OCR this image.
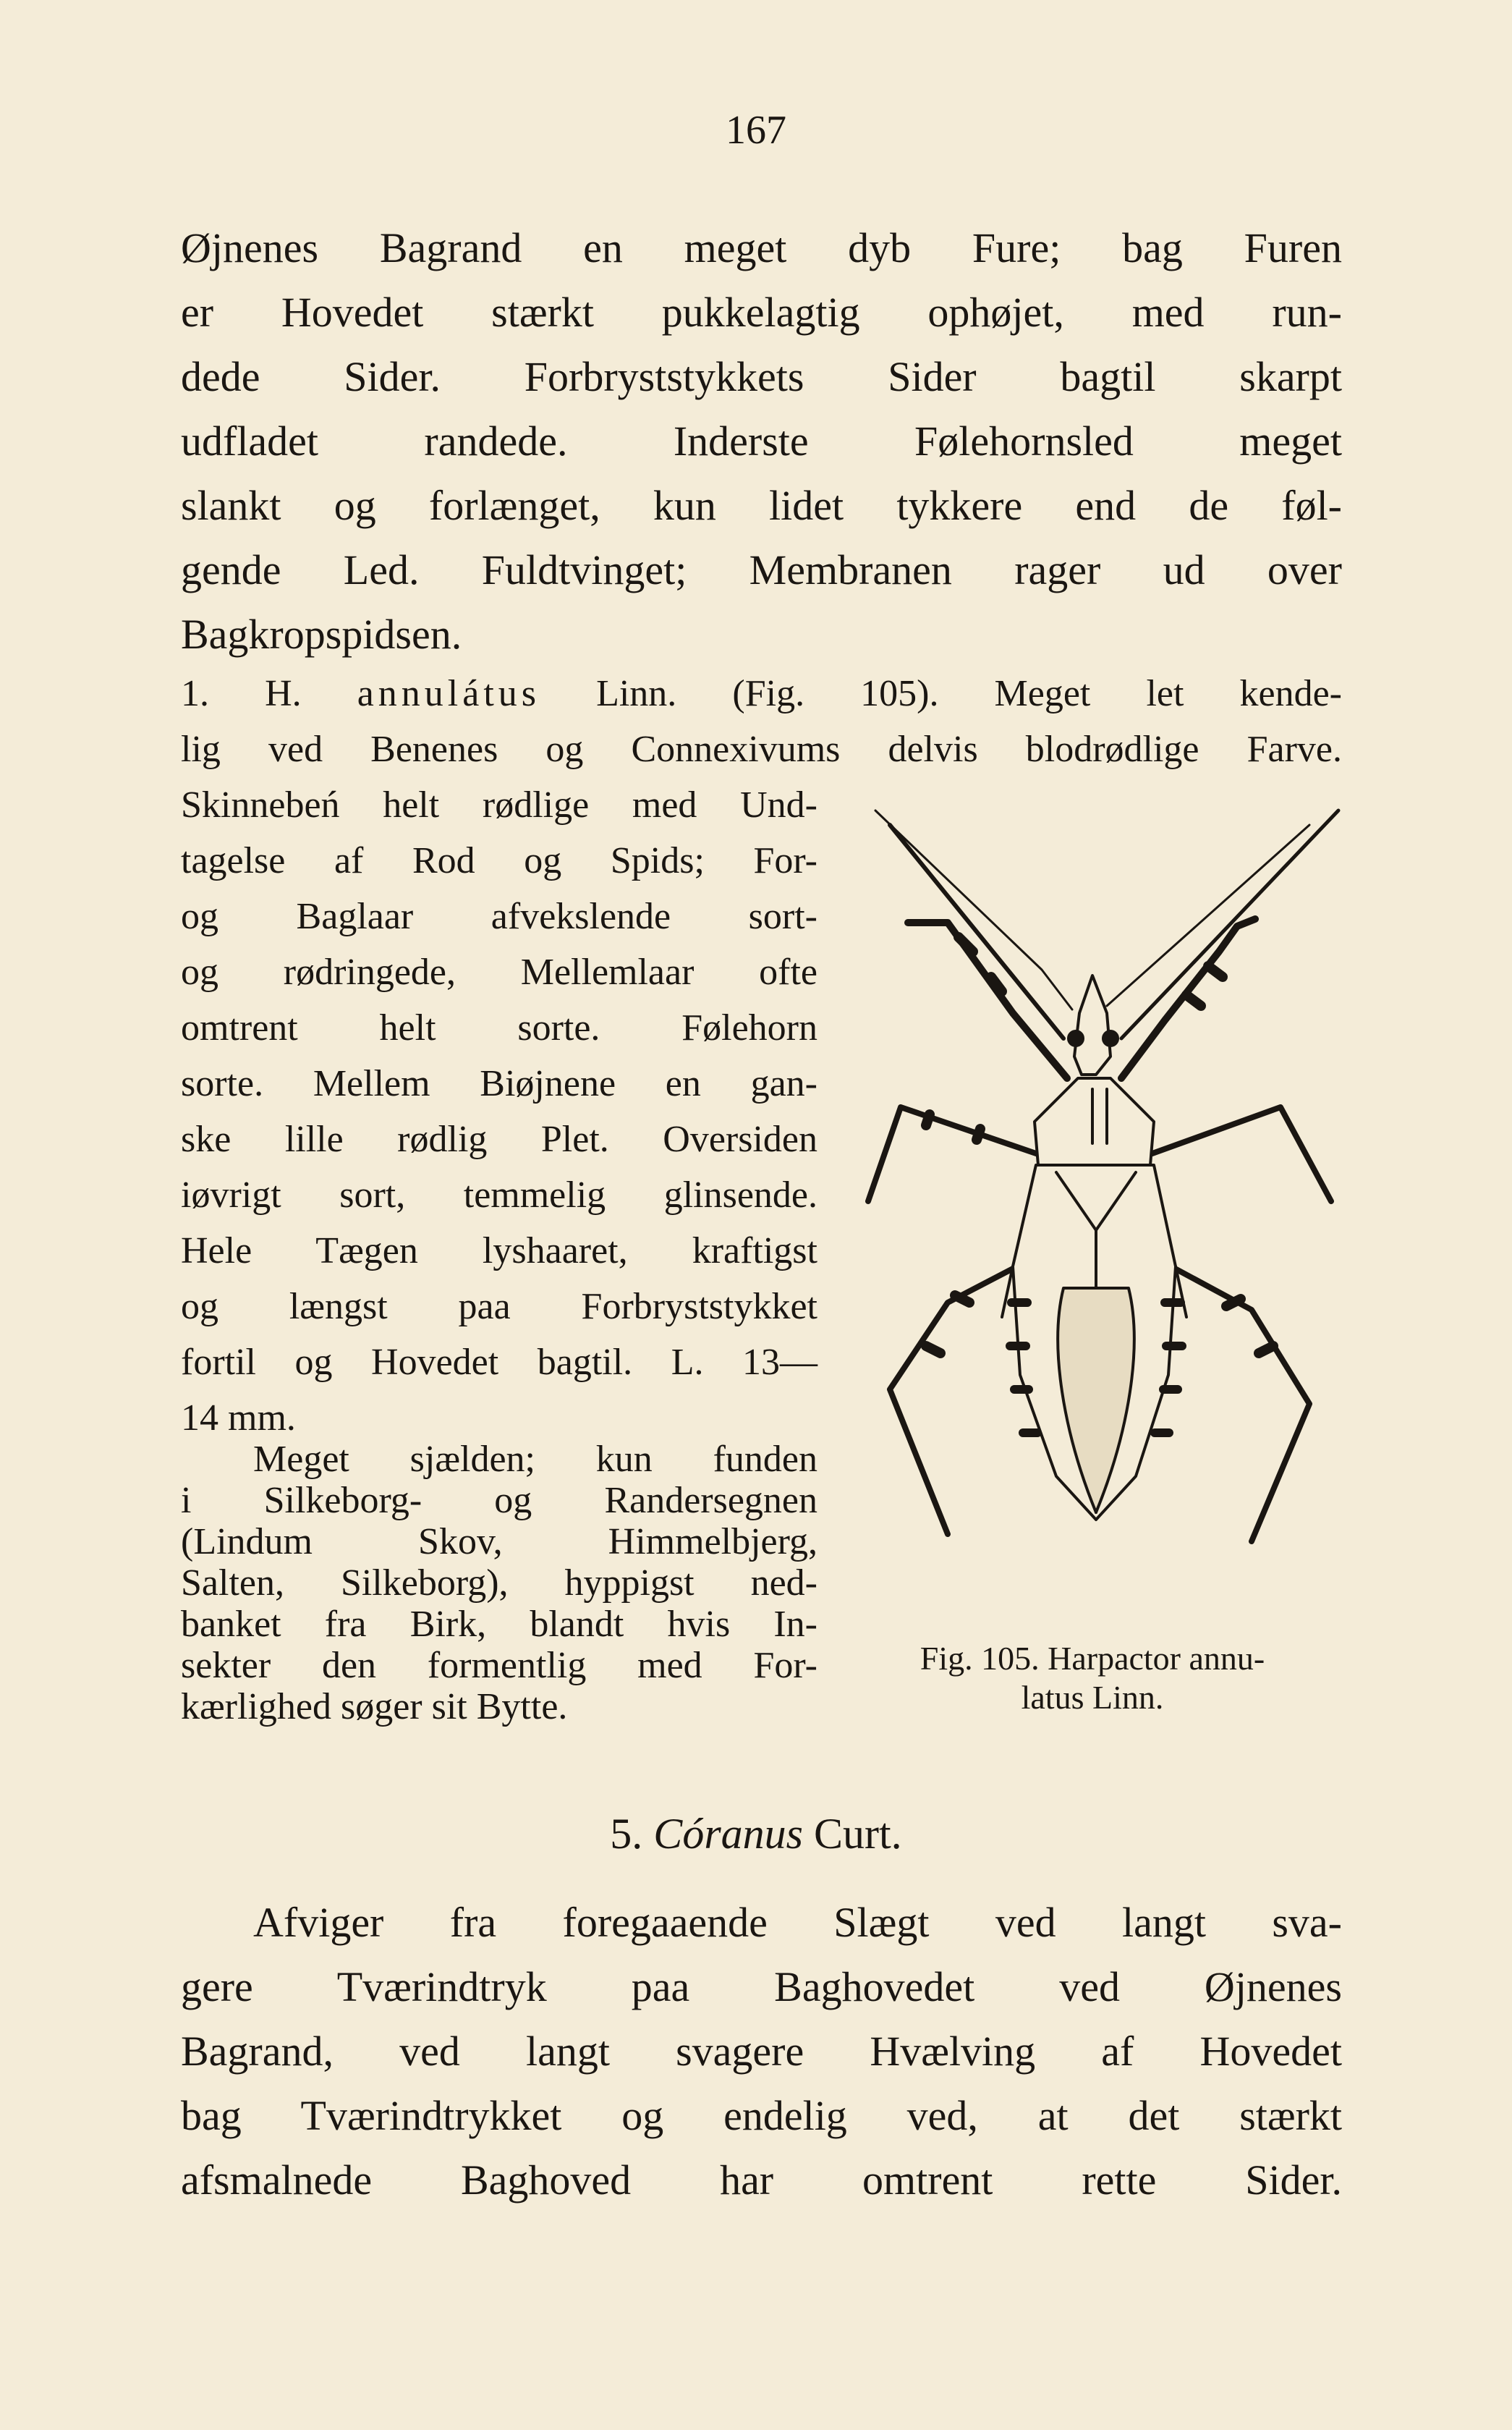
167
Øjnenes Bagrand en meget dyb Fure; bag Furen
er Hovedet stærkt pukkelagtig ophøjet, med run-
dede Sider. Forbryststykkets Sider bagtil skarpt
udfladet randede. Inderste Følehornsled meget
slankt og forlænget, kun lidet tykkere end de føl-
gende Led. Fuldtvinget; Membranen rager ud over
Bagkropspidsen.
1. H. annulátus Linn. (Fig. 105). Meget let kende-
lig ved Benenes og Connexivums delvis blodrødlige Farve.
Skinnebeń helt rødlige med Und-
tagelse af Rod og Spids; For-
og Baglaar afvekslende sort-
og rødringede, Mellemlaar ofte
omtrent helt sorte. Følehorn
sorte. Mellem Biøjnene en gan-
ske lille rødlig Plet. Oversiden
iøvrigt sort, temmelig glinsende.
Hele Tægen lyshaaret, kraftigst
og længst paa Forbryststykket
fortil og Hovedet bagtil. L. 13—
14 mm.
Meget sjælden; kun funden
i Silkeborg- og Randersegnen
(Lindum Skov, Himmelbjerg,
Salten, Silkeborg), hyppigst ned-
banket fra Birk, blandt hvis In-
sekter den formentlig med For-
kærlighed søger sit Bytte.
Fig. 105. Harpactor annu-
latus Linn.
5. Córanus Curt.
Afviger fra foregaaende Slægt ved langt sva-
gere Tværindtryk paa Baghovedet ved Øjnenes
Bagrand, ved langt svagere Hvælving af Hovedet
bag Tværindtrykket og endelig ved, at det stærkt
afsmalnede Baghoved har omtrent rette Sider.
